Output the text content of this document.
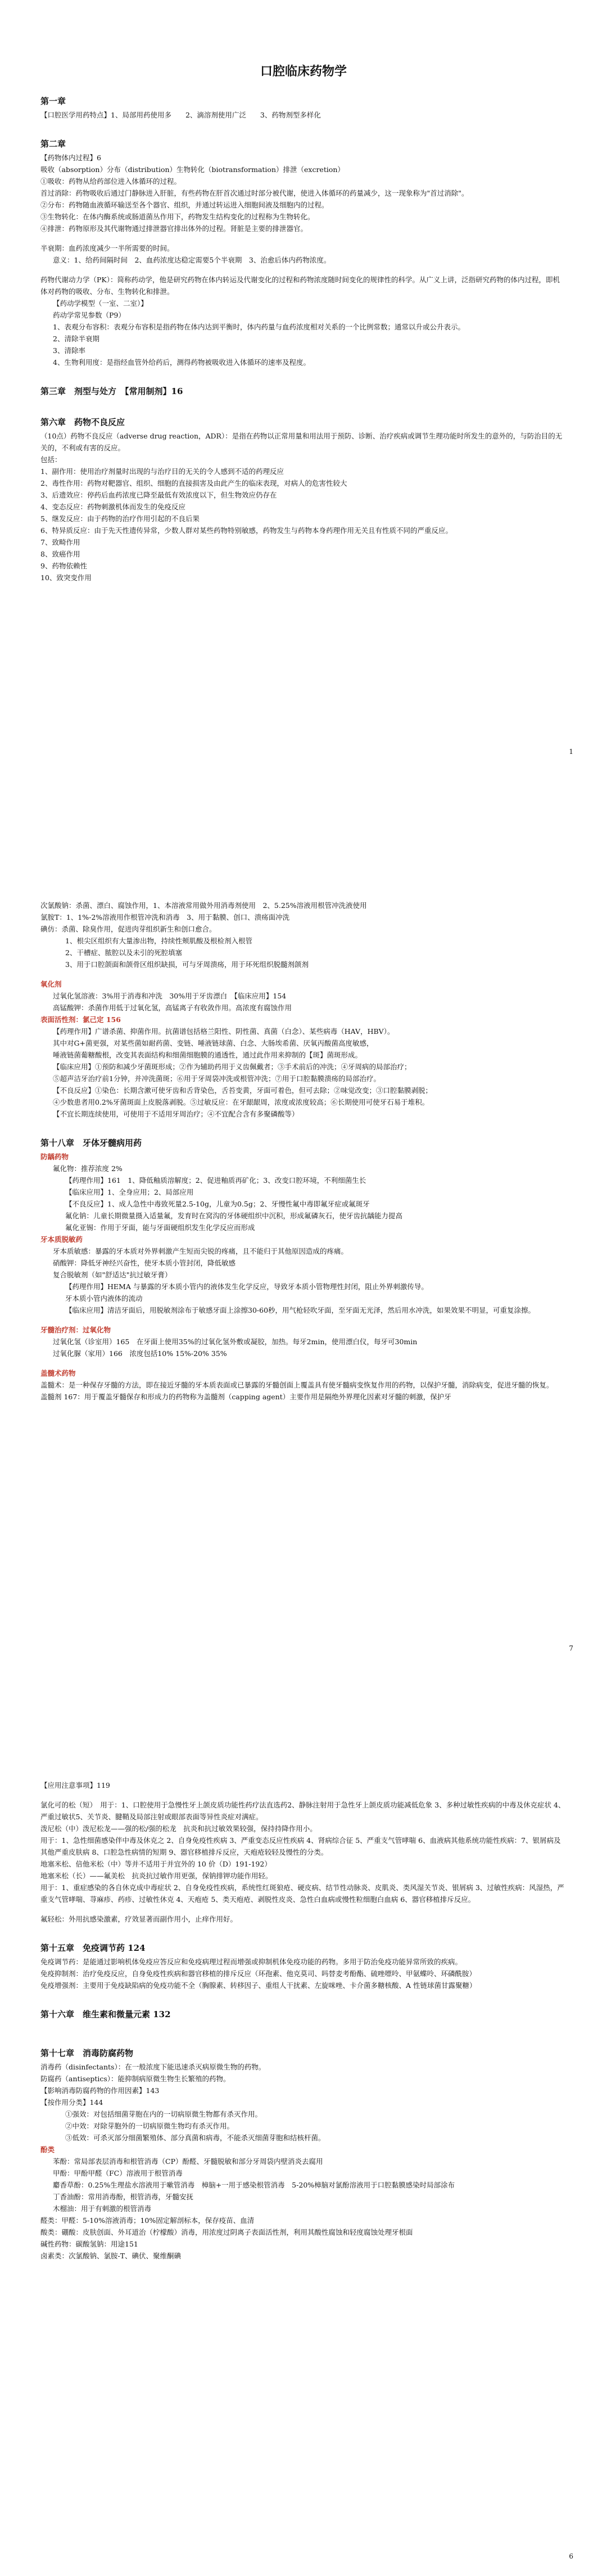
口腔临床药物学
第一章
【口腔医学用药特点】1、局部用药使用多　　2、滴溶剂使用广泛　　3、药物剂型多样化
第二章
【药物体内过程】6
吸收（absorption）分布（distribution）生物转化（biotransformation）排泄（excretion）
①吸收：药物从给药部位进入体循环的过程。
首过消除：药物吸收后通过门静脉进入肝脏，有些药物在肝首次通过时部分被代谢，使进入体循环的药量减少，这一现象称为"首过消除"。
②分布：药物随血液循环输送至各个器官、组织，并通过转运进入细胞间液及细胞内的过程。
③生物转化：在体内酶系统或肠道菌丛作用下，药物发生结构变化的过程称为生物转化。
④排泄：药物原形及其代谢物通过排泄器官排出体外的过程。肾脏是主要的排泄器官。
半衰期：血药浓度减少一半所需要的时间。
意义：1、给药间隔时间　2、血药浓度达稳定需要5个半衰期　3、治愈后体内药物浓度。
药物代谢动力学（PK）：简称药动学，他是研究药物在体内转运及代谢变化的过程和药物浓度随时间变化的规律性的科学。从广义上讲，泛指研究药物的体内过程，即机体对药物的吸收、分布、生物转化和排泄。
【药动学模型（一室、二室）】
药动学常见参数（P9）
1、表观分布容积：表观分布容积是指药物在体内达到平衡时，体内药量与血药浓度相对关系的一个比例常数；通常以升或公升表示。
2、清除半衰期
3、清除率
4、生物利用度：是指经血管外给药后，测得药物被吸收进入体循环的速率及程度。
第三章　剂型与处方　【常用制剂】16
第六章　药物不良反应
（10点）药物不良反应（adverse drug reaction，ADR）：是指在药物以正常用量和用法用于预防、诊断、治疗疾病或调节生理功能时所发生的意外的，与防治目的无关的，不利或有害的反应。
包括：
1、副作用：使用治疗剂量时出现的与治疗目的无关的令人感到不适的药理反应
2、毒性作用：药物对靶器官、组织、细胞的直接损害及由此产生的临床表现，对病人的危害性较大
3、后遗效应：停药后血药浓度已降至最低有效浓度以下，但生物效应仍存在
4、变态反应：药物刺激机体而发生的免疫反应
5、继发反应：由于药物的治疗作用引起的不良后果
6、特异质反应：由于先天性遗传异常，少数人群对某些药物特别敏感，药物发生与药物本身药理作用无关且有性质不同的严重反应。
7、致畸作用
8、致癌作用
9、药物依赖性
10、致突变作用
1
次氯酸钠：杀菌、漂白、腐蚀作用，1、本溶液常用做外用消毒剂使用　2、5.25%溶液用根管冲洗液使用
氯胺T：1、1%-2%溶液用作根管冲洗和消毒　3、用于黏膜、创口、溃疡面冲洗
碘仿：杀菌、除臭作用，促进肉芽组织新生和创口愈合。
1、根尖区组织有大量渗出物，持续性颊肌酸及根检剂入根管
2、干槽症、脓腔以及未引的死腔填塞
3、用于口腔颌面和颌骨区组织缺损，可与牙周溃疡，用于环死组织脱髓剂颌剂
氧化剂
过氧化氢溶液：3%用于消毒和冲洗　30%用于牙齿漂白　【临床应用】154
高锰酸钾：杀菌作用低于过氧化氢，高锰离子有收敛作用。高浓度有腐蚀作用
表面活性剂：氯己定 156
【药理作用】广谱杀菌、抑菌作用。抗菌谱包括格兰阳性、阴性菌、真菌（白念）、某些病毒（HAV，HBV）。
其中对G+菌更强，对某些菌如耐药菌、变链、唾液链球菌、白念、大肠埃希菌、厌氧丙酸菌高度敏感，
唾液链菌葡糖酸根，改变其表面结构和细菌细胞膜的通透性，通过此作用来抑制的【斑】菌斑形成。
【临床应用】①预防和减少牙菌斑形成；②作为辅助药用于义齿佩戴者；③手术前后的冲洗；④牙周病的局部治疗；
⑤超声洁牙治疗前1分钟，并冲洗菌斑；⑥用于牙周袋冲洗或根管冲洗；⑦用于口腔黏膜溃疡的局部治疗。
【不良反应】①染色：长期含漱可使牙齿和舌背染色，舌苔变黄，牙面可着色，但可去除；②味觉改变；③口腔黏膜剥脱；
④少数患者用0.2%牙菌斑面上皮脱落剥脱。⑤过敏反应：在牙龈龈周，浓度或浓度较高；⑥长期使用可使牙石易于堆积。
【不宜长期连续使用，可使用于不适用牙周治疗；④不宜配合含有多聚磷酸等）
第十八章　牙体牙髓病用药
防龋药物
氟化物：推荐浓度 2%
【药理作用】161　1、降低釉质溶解度；2、促进釉质再矿化；3、改变口腔环境，不利细菌生长
【临床应用】1、全身应用；2、局部应用
【不良反应】1、成人急性中毒致死量2.5-10g，儿童为0.5g；2、牙慢性氟中毒即氟牙症或氟斑牙
氟化钠：儿童长期微量摄入适量氟，发育时在窝沟的牙体硬组织中沉积，形成氟磷灰石，使牙齿抗龋能力提高
氟化亚锡：作用于牙面，能与牙面硬组织发生化学反应而形成
牙本质脱敏药
牙本质敏感：暴露的牙本质对外界刺激产生短而尖锐的疼痛，且不能归于其他原因造成的疼痛。
硝酸钾：降低牙神经兴奋性，使牙本质小管封闭，降低敏感
复合脱敏剂（如"舒适达"抗过敏牙膏）
【药理作用】HEMA 与暴露的牙本质小管内的液体发生化学反应，导致牙本质小管物理性封闭，阻止外界刺激传导。
牙本质小管内液体的流动
【临床应用】清洁牙面后，用脱敏剂涂布于敏感牙面上涂擦30-60秒，用气枪轻吹牙面，至牙面无光泽，然后用水冲洗，如果效果不明显，可重复涂擦。
牙髓治疗剂：过氧化物
过氧化氢（诊室用）165　在牙面上使用35%的过氧化氢外敷或凝胶，加热。每牙2min，使用漂白仪，每牙可30min
过氧化脲（家用）166　浓度包括10% 15%-20% 35%
盖髓术药物
盖髓术：是一种保存牙髓的方法，即在接近牙髓的牙本质表面或已暴露的牙髓创面上覆盖具有使牙髓病变恢复作用的药物，以保护牙髓，消除病变，促进牙髓的恢复。
盖髓剂 167：用于覆盖牙髓保存和形成力的药物称为盖髓剂（capping agent）主要作用是隔绝外界理化因素对牙髓的刺激，保护牙
7
【应用注意事项】119
氯化可的松（短）　用于：1、口腔使用于急慢性牙上颌皮质功能性药疗法直选药2、静脉注射用于急性牙上颌皮质功能减低危象 3、多种过敏性疾病的中毒及休克症状 4、严重过敏状5、关节炎、腱鞘及局部注射或眼部表面等异性炎症对满症。
泼尼松（中）泼尼松龙——强的松/强的松龙　抗炎和抗过敏效果较强，保持持降作用小。
用于：1、急性细菌感染伴中毒及休克之 2、自身免疫性疾病 3、严重变态反应性疾病 4、肾病综合征 5、严重支气管哮喘 6、血液病其他系统功能性疾病：7、银屑病及其他严重皮肤病 8、口腔急性病情的短期 9、器官移植排斥反应，天疱疮较轻及慢性的分类。
地塞米松、倍他米松（中）等并不适用于并宜外的 10 价（D）191-192）
地塞米松（长）——氟美松　抗炎抗过敏作用更强，保钠排钾功能作用轻。
用于：1、重症感染的各自休克成中毒症状 2、自身免疫性疾病，系统性红斑狼疮、硬皮病、结节性动脉炎、皮肌炎、类风湿关节炎、银屑病 3、过敏性疾病：风湿热，严重支气管哮喘、荨麻疹、药疹、过敏性休克 4、天疱疮 5、类天疱疮、剥脱性皮炎、急性白血病或慢性粒细胞白血病 6、器官移植排斥反应。
氟轻松：外用抗感染激素，疗效显著而副作用小，止痒作用好。
第十五章　免疫调节药 124
免疫调节药：是能通过影响机体免疫应答反应和免疫病理过程而增强或抑制机体免疫功能的药物。多用于防治免疫功能异常所致的疾病。
免疫抑制剂：治疗免疫反应，自身免疫性疾病和器官移植的排斥反应（环孢素、他克莫司、吗替麦考酚酯、硫唑嘌呤、甲氨蝶呤、环磷酰胺）
免疫增强剂：主要用于免疫缺陷病的免疫功能不全（胸腺素、转移因子、重组人干扰素、左旋咪唑、卡介菌多糖核酸、A 性链球菌甘露聚糖）
第十六章　维生素和微量元素 132
第十七章　消毒防腐药物
消毒药（disinfectants）：在一般浓度下能迅速杀灭病原微生物的药物。
防腐药（antiseptics）：能抑制病原微生物生长繁殖的药物。
【影响消毒防腐药物的作用因素】143
【按作用分类】144
①强效：对包括细菌芽胞在内的一切病原微生物都有杀灭作用。
②中效：对除芽胞外的一切病原微生物均有杀灭作用。
③低效：可杀灭部分细菌繁殖体、部分真菌和病毒，不能杀灭细菌芽胞和结核杆菌。
酚类
苯酚：常局部表层消毒和根管消毒（CP）酚醛、牙髓脱敏和部分牙周袋内壁消炎去腐用
甲酚：甲酚甲醛（FC）溶液用于根管消毒
麝香草酚：0.25%生理盐水溶液用于嗽管消毒　樟脑+一用于感染根管消毒　5-20%樟脑对氯酚溶液用于口腔黏膜感染时局部涂布
丁香油酚：常用消毒酚，根管消毒，牙髓安抚
木榴油：用于有刺激的根管消毒
醛类：甲醛：5-10%溶液消毒；10%固定解剖标本，保存疫苗、血清
酸类：硼酸：皮肤创面、外耳道治（柠檬酸）消毒，用浓度过阴离子表面活性剂，利用其酸性腐蚀和轻度腐蚀处理牙根面
碱性药物：碳酸氢钠：用途151
卤素类：次氯酸钠、氯胺-T、碘伏、聚维酮碘
6
